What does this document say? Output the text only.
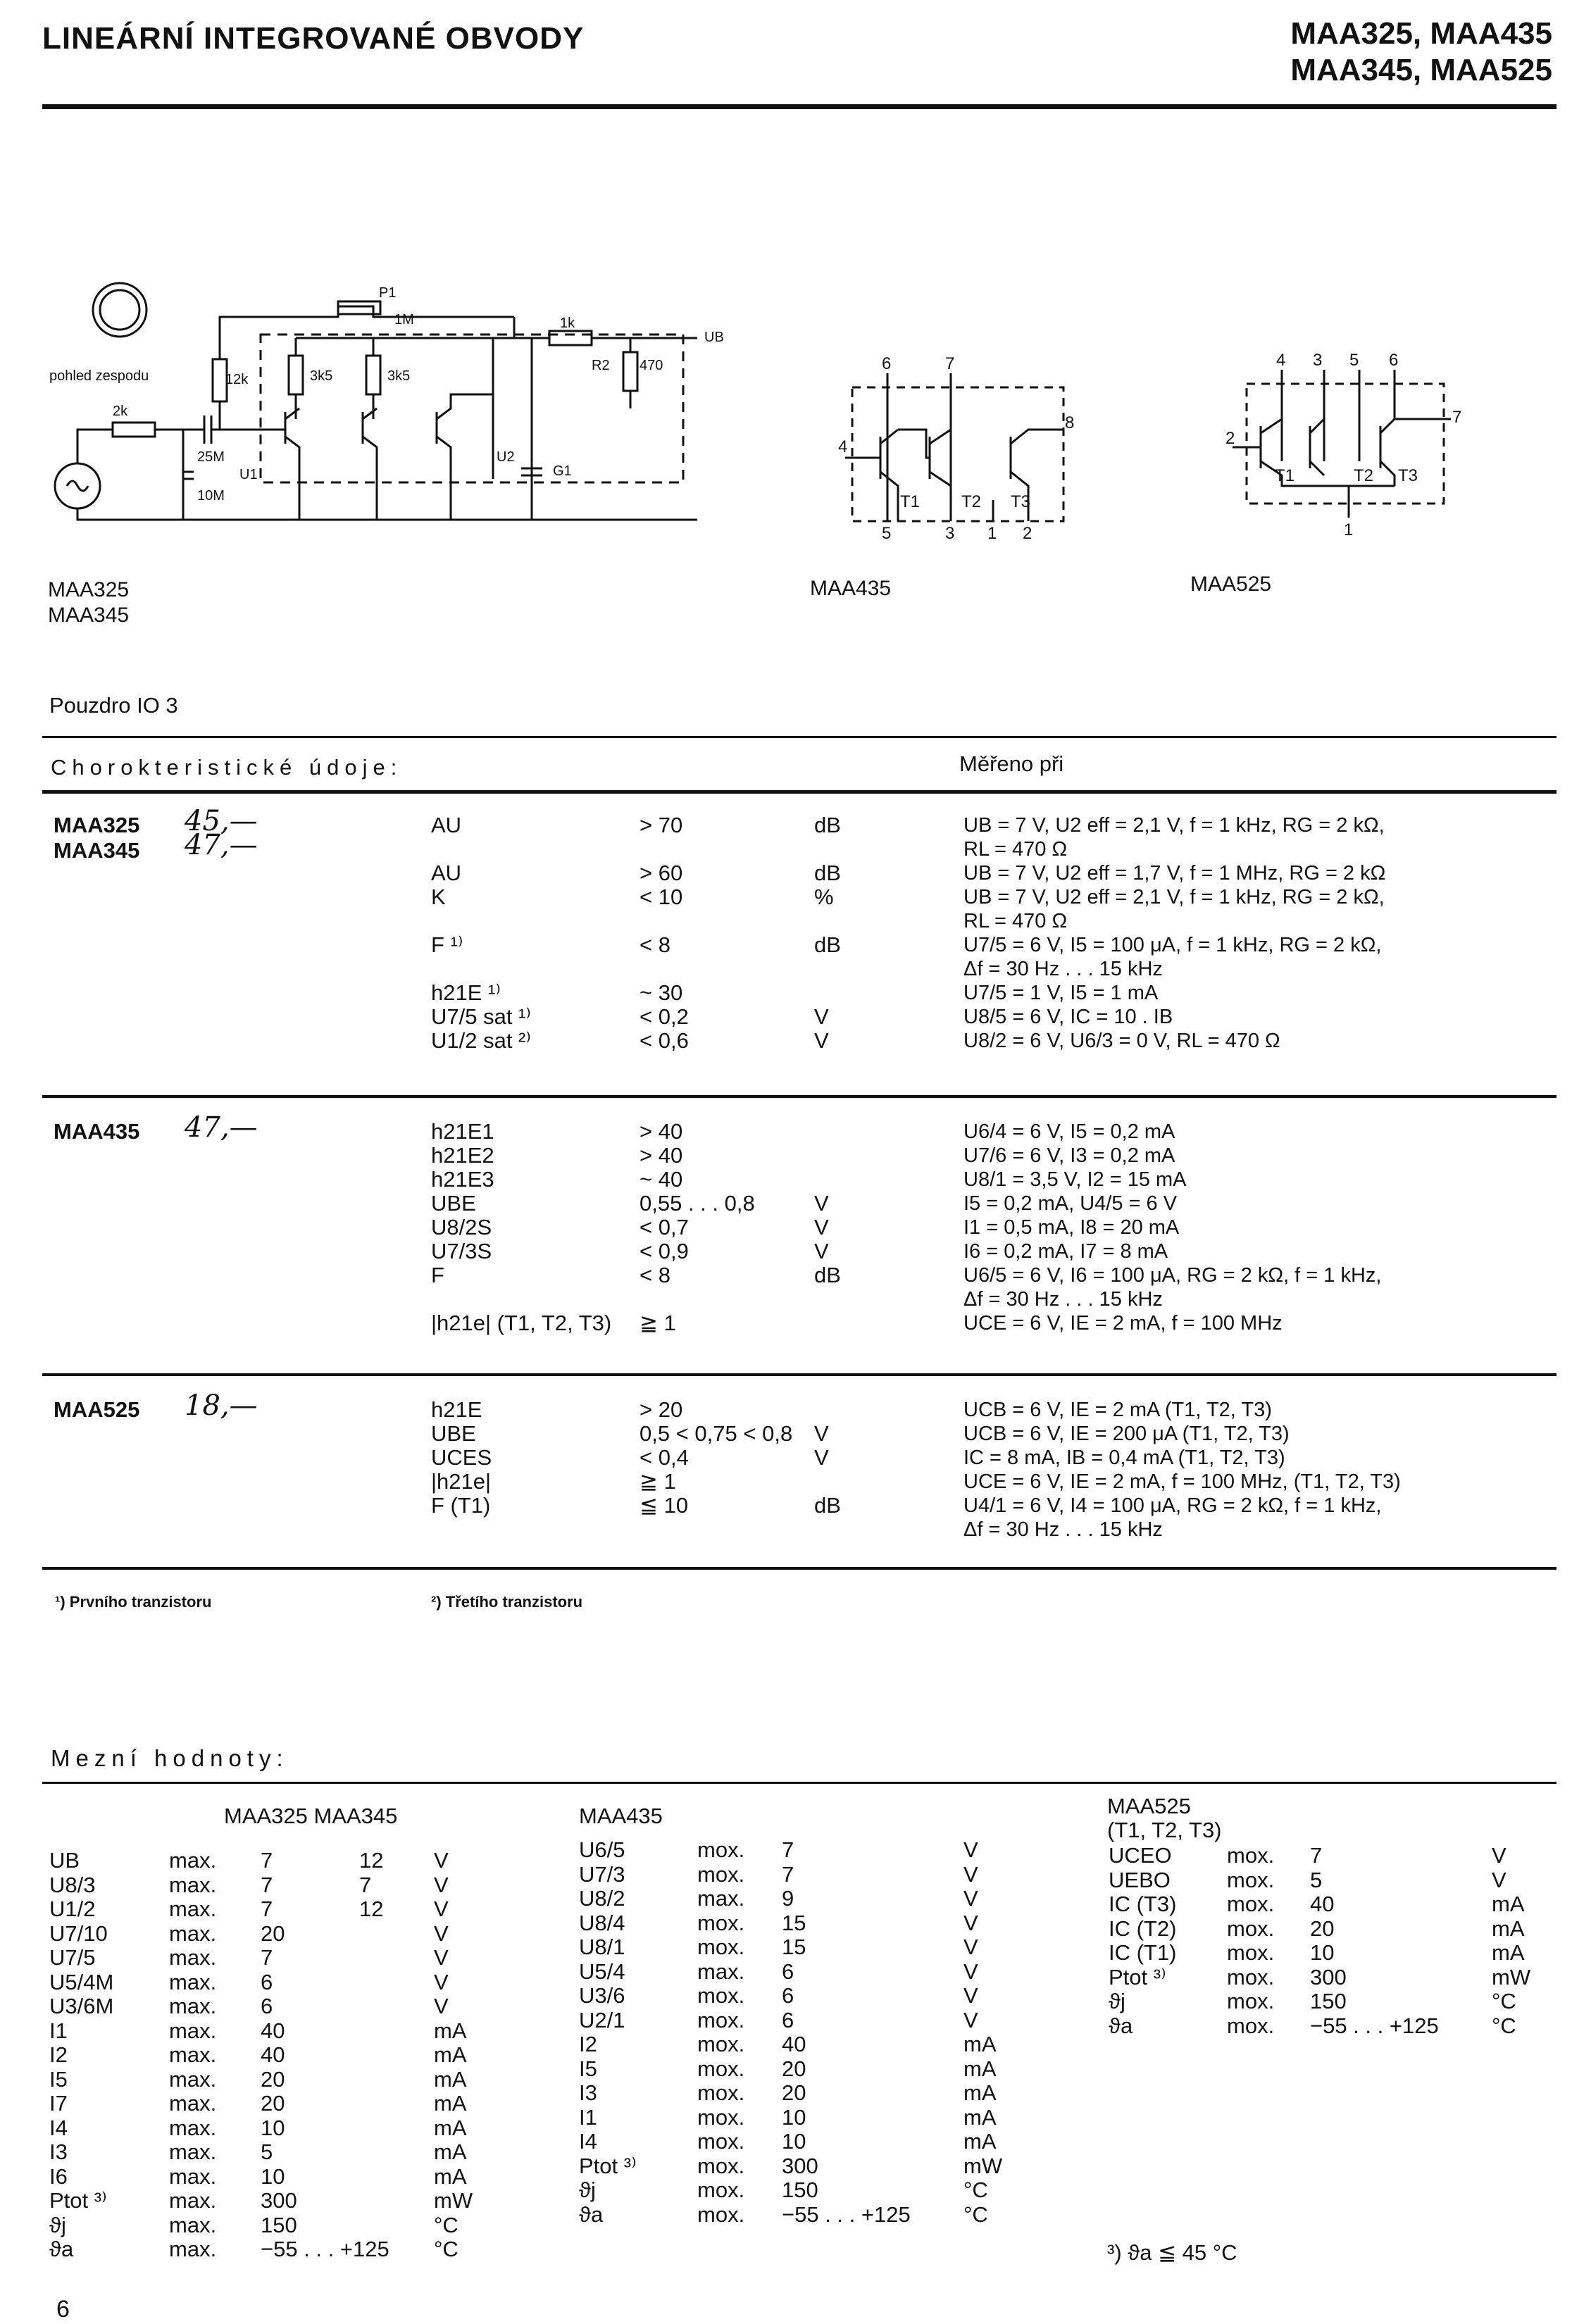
LINEÁRNÍ INTEGROVANÉ OBVODY	MAA325, MAA435
MAA345, MAA525
pohled zespodu
2k
12k	3k5	3k5
P1
1M	1k
R2 470
UB
25M
10M
U1
U2
G1
6	7
4
8
T1 T2 T3
5	3 1 2
4 3 5 6
2
7
T1	T2 T3
1
MAA325
MAA345
MAA435	MAA525
Pouzdro IO 3
Chorokteristické údoje:	Měřeno při
MAA325 45,—
MAA345 47,—
AU	> 70	dB	UB = 7 V, U2 eff = 2,1 V, f = 1 kHz, RG = 2 kΩ,
RL = 470 Ω
AU	> 60	dB	UB = 7 V, U2 eff = 1,7 V, f = 1 MHz, RG = 2 kΩ
K	< 10	%	UB = 7 V, U2 eff = 2,1 V, f = 1 kHz, RG = 2 kΩ,
RL = 470 Ω
F ¹⁾	< 8	dB	U7/5 = 6 V, I5 = 100 μA, f = 1 kHz, RG = 2 kΩ,
Δf = 30 Hz . . . 15 kHz
h21E ¹⁾	~ 30	U7/5 = 1 V, I5 = 1 mA
U7/5 sat ¹⁾	< 0,2	V	U8/5 = 6 V, IC = 10 . IB
U1/2 sat ²⁾	< 0,6	V	U8/2 = 6 V, U6/3 = 0 V, RL = 470 Ω
MAA435 47,—	h21E1	> 40	U6/4 = 6 V, I5 = 0,2 mA
h21E2	> 40	U7/6 = 6 V, I3 = 0,2 mA
h21E3	~ 40	U8/1 = 3,5 V, I2 = 15 mA
UBE	0,55 . . . 0,8	V	I5 = 0,2 mA, U4/5 = 6 V
U8/2S	< 0,7	V	I1 = 0,5 mA, I8 = 20 mA
U7/3S	< 0,9	V	I6 = 0,2 mA, I7 = 8 mA
F	< 8	dB	U6/5 = 6 V, I6 = 100 μA, RG = 2 kΩ, f = 1 kHz,
Δf = 30 Hz . . . 15 kHz
|h21e| (T1, T2, T3) ≧ 1	UCE = 6 V, IE = 2 mA, f = 100 MHz
MAA525 18,—	h21E	> 20	UCB = 6 V, IE = 2 mA (T1, T2, T3)
UBE	0,5 < 0,75 < 0,8 V	UCB = 6 V, IE = 200 μA (T1, T2, T3)
UCES	< 0,4	V	IC = 8 mA, IB = 0,4 mA (T1, T2, T3)
|h21e|	≧ 1	UCE = 6 V, IE = 2 mA, f = 100 MHz, (T1, T2, T3)
F (T1)	≦ 10	dB	U4/1 = 6 V, I4 = 100 μA, RG = 2 kΩ, f = 1 kHz,
Δf = 30 Hz . . . 15 kHz
¹) Prvního tranzistoru	²) Třetího tranzistoru
Mezní hodnoty:
MAA325 MAA345	MAA435	MAA525
(T1, T2, T3)
UB	max. 7	12 V
U8/3	max. 7	7	V
U1/2	max. 7	12 V
U7/10	max. 20	V
U7/5	max. 7	V
U5/4M	max. 6	V
U3/6M	max. 6	V
I1	max. 40	mA
I2	max. 40	mA
I5	max. 20	mA
I7	max. 20	mA
I4	max. 10	mA
I3	max. 5	mA
I6	max. 10	mA
Ptot ³⁾	max. 300	mW
ϑj	max. 150	°C
ϑa	max. −55 . . . +125 °C
U6/5	mox. 7	V
U7/3	mox. 7	V
U8/2	max. 9	V
U8/4	mox. 15	V
U8/1	mox. 15	V
U5/4	max. 6	V
U3/6	mox. 6	V
U2/1	mox. 6	V
I2	mox. 40	mA
I5	mox. 20	mA
I3	mox. 20	mA
I1	mox. 10	mA
I4	mox. 10	mA
Ptot ³⁾	mox. 300	mW
ϑj	mox. 150	°C
ϑa	mox. −55 . . . +125 °C
UCEO	mox. 7	V
UEBO	mox. 5	V
IC (T3) mox. 40	mA
IC (T2) mox. 20	mA
IC (T1) mox. 10	mA
Ptot ³⁾	mox. 300	mW
ϑj	mox. 150	°C
ϑa	mox. −55 . . . +125 °C
³) ϑa ≦ 45 °C
6
